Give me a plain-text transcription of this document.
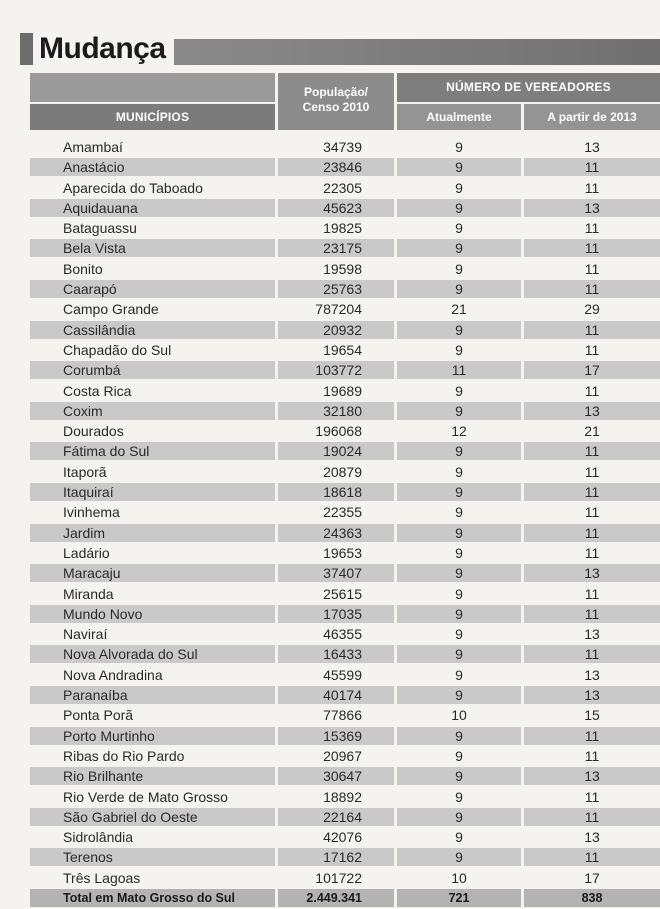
Mudança
MUNICÍPIOS
População/
Censo 2010
NÚMERO DE VEREADORES
Atualmente	A partir de 2013
Amambaí	34739	9	13
Anastácio	23846	9	11
Aparecida do Taboado	22305	9	11
Aquidauana	45623	9	13
Bataguassu	19825	9	11
Bela Vista	23175	9	11
Bonito	19598	9	11
Caarapó	25763	9	11
Campo Grande	787204	21	29
Cassilândia	20932	9	11
Chapadão do Sul	19654	9	11
Corumbá	103772	11	17
Costa Rica	19689	9	11
Coxim	32180	9	13
Dourados	196068	12	21
Fátima do Sul	19024	9	11
Itaporã	20879	9	11
Itaquiraí	18618	9	11
Ivinhema	22355	9	11
Jardim	24363	9	11
Ladário	19653	9	11
Maracaju	37407	9	13
Miranda	25615	9	11
Mundo Novo	17035	9	11
Naviraí	46355	9	13
Nova Alvorada do Sul	16433	9	11
Nova Andradina	45599	9	13
Paranaíba	40174	9	13
Ponta Porã	77866	10	15
Porto Murtinho	15369	9	11
Ribas do Rio Pardo	20967	9	11
Rio Brilhante	30647	9	13
Rio Verde de Mato Grosso	18892	9	11
São Gabriel do Oeste	22164	9	11
Sidrolândia	42076	9	13
Terenos	17162	9	11
Três Lagoas	101722	10	17
Total em Mato Grosso do Sul	2.449.341	721	838
